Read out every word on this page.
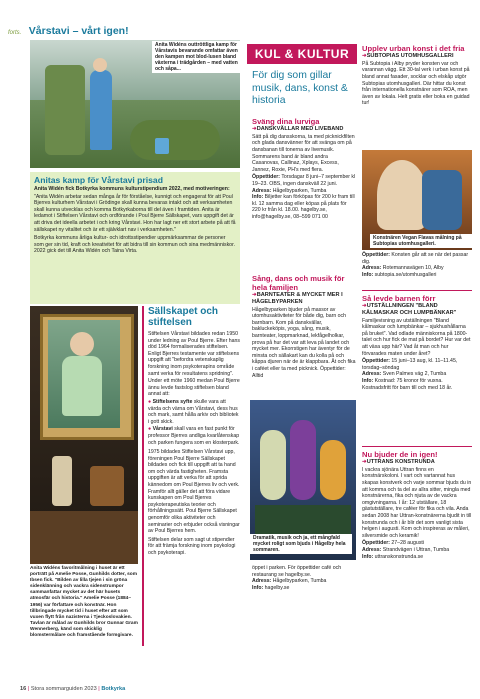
forts. Vårstavi – vårt igen!
Anita Widéns outtröttliga kamp för Vårstavis bevarande omfattar även den kampen mot blod-lusen bland växterna i trädgården – med vatten och såpa...
Anitas kamp för Vårstavi prisad

Anita Widén fick Botkyrka kommuns kulturstipendium 2022, med motiveringen:

"Anita Widén arbetar sedan många år för förståelse, kunnigt och engagerat för att Poul Bjerres kulturhem Vårstavi i Grödinge skall kunna bevaras intakt och att verksamheten skall kunna utvecklas och komma Botkyrkaborna till del även i framtiden. Anita är ledamot i Stiftelsen Vårstavi och ordförande i Poul Bjerre Sällskapet, vars uppgift det är att driva det ideella arbetet i och kring Vårstavi. Hon har lagt ner ett stort arbete på att få sällskapet ny vitalitet och är ett självklart nav i verksamheten."

Botkyrka kommuns årliga kultur- och idrottsstipendier uppmärksammar de personer som ger sin tid, kraft och kreativitet för att bidra till sin kommun och sina medmänniskor. 2022 gick det till Anita Widén och Taina Virta.

Anita Widéns favoritmålning i huset är ett porträtt på Amelie Posse, Gunhilds dotter, som Ibsen fick. "Bilden av lilla tjejen i sin gröna sidenklänning och vackra sidenstrumpor sammanfattar mycket av det här husets atmosfär och historia." Amelie Posse (1884–1956) var författare och konstnär. Hon tillbringade mycket tid i huset efter att som vuxen flytt från nazisterna i Tjeckoslovakien. Tavlan är målad av Gunhilds bror Gunnar Gram Wennerberg, känd som skicklig blomstermålare och framstående formgivare.

Sällskapet och stiftelsen

Stiftelsen Vårstavi bildades redan 1950 under ledning av Poul Bjerre. Efter hans död 1964 formaliserades stiftelsen. Enligt Bjerres testamente var stiftelsens uppgift att "befordra vetenskaplig forskning inom psykoterapins område samt verka för resultatens spridning".

Under ett möte 1960 medan Poul Bjerre ännu levde fastslog stiftelsen bland annat att:

● Stiftelsens syfte skulle vara att värda och värna om Vårstavi, dess hus och mark, samt hålla arkiv och bibliotek i gott skick.
● Vårstavi skall vara en fast punkt för professor Bjerres andliga kvarlåtenskap och parken fungera som en klosterpark.

1975 bildades Stiftelsen Vårstavi upp, föreningen Poul Bjerre Sällskapet bildades och fick till uppgift att ta hand om och värda fastigheten. Framsta uppgiften är att verka för att sprida kännedom om Poul Bjerres liv och verk. Framför allt gäller det att föra vidare kunskapen om Poul Bjerres psykoterapeutiska teorier och förhållningssätt. Poul Bjerre Sällskapet genomför olika aktiviteter och seminarier och erbjuder också visningar av Poul Bjerres hem.

Stiftelsen delar som sagt ut stipendier för att främja forskning inom psykologi och psykoterapi.

KUL & KULTUR
För dig som gillar musik, dans, konst & historia
Sväng dina lurviga
➜DANSKVÄLLAR MED LIVEBAND

Sätt på dig dansskorna, ta med picknickfilten och glada dansvänner för att svänga om på dansbanan till tonerna av livemusik. Sommarens band är bland andra Casanovas, Callinaz, Xplays, Excess, Jannez, Roxie, PH's med flera.

Öppettider: Torsdagar 8 juni–7 september kl 19–23. OBS, ingen danskväll 22 juni.

Adress: Hågelbyparken, Tumba

Info: Biljetter kan förköpas för 200 kr fram till kl. 12 samma dag eller köpas på plats för 220 kr från kl. 18.00. hagelby.se, info@hagelby.se, 08–599 071 00

Sång, dans och musik för hela familjen
➜BARNTEATER & MYCKET MER I HÅGELBYPARKEN

Hågelbyparken bjuder på massor av utomhusaktiviteter för både dig, barn och barnbarn. Kom på danskvällar, bakluckeköpis, yoga, sång, musik, barnteater, loppmarknad, lekfågelholkar, prova på hur det var att leva på landet och mycket mer. Ekorrstigen har äventyr för de minsta och sällakart kan du kolla på och kåppa djuren när de är klappbara. Åt och fika i caféet eller ta med picknick. Öppettider: Alltid

Dramatik, musik och ja, ett mångfald mycket roligt som bjuds i Hågelby hela sommaren.

öppet i parken. För öppettider café och restaurang se hagelby.se.

Adress: Hågelbyparken, Tumba

Info: hagelby.se

Upplev urban konst i det fria
➜SUBTOPIAS UTOMHUSGALLERI

På Subtopia i Alby pryder konsten var och varannan vägg. Ett 30-tal verk i urban konst på bland annat fasader, socklar och elskåp utgör Subtopias utomhusgalleri. Där hittar du konst från internationella konstnärer som ROA, men även av lokala. Helt gratis eller boka en guidad tur!

Konstnären Vegan Flavas målning på Subtopias utomhusgalleri.

Öppettider: Konsten går att se när det passar dig.

Adress: Rotemannavägen 10, Alby

Info: subtopia.se/utomhusgalleri

Så levde barnen förr
➜UTSTÄLLNINGEN "BLAND KÅLMASKAR OCH LUMPBÄNKAR"

Familjevisning av utställningen "Bland kålmaskar och lumpbänkar – sjukhushållarna på bruket". Vad odlade människorna på 1800-talet och hur fick de mat på bordet? Hur var det att växa upp här? Vad åt man och hur förvarades maten under året?

Öppettider: 15 juni–13 aug, kl. 11–11.45, torsdag–söndag

Adress: Sven Palmes väg 2, Tumba

Info: Kostnad: 75 kronor för vuxna. Kostnadsfritt för barn till och med 18 år.

Nu bjuder de in igen!
➜UTTRANS KONSTRUNDA

I vackra sjönära Uttran finns en konstnärskoloni. I vart och vartannat hus skapas konstverk och varje sommar bjuds du in att komma och ta del av allra sitter, mingla med konstnärerna, fika och njuta av de vackra omgivningarna. I år: 12 utställare, 18 gästutställare, tre caféer för fika och vila. Anda sedan 2008 har Uttran-konstnärerna bjudit in till konstrunda och i år blir det som vanligt sista helgen i augusti. Kom och inspireras av måleri, silversmide och keramik!

Öppettider: 27–28 augusti

Adress: Strandvägen i Uttran, Tumba

Info: uttranskonstrunda.se

16 | Stora sommarguiden 2023 | Botkyrka
